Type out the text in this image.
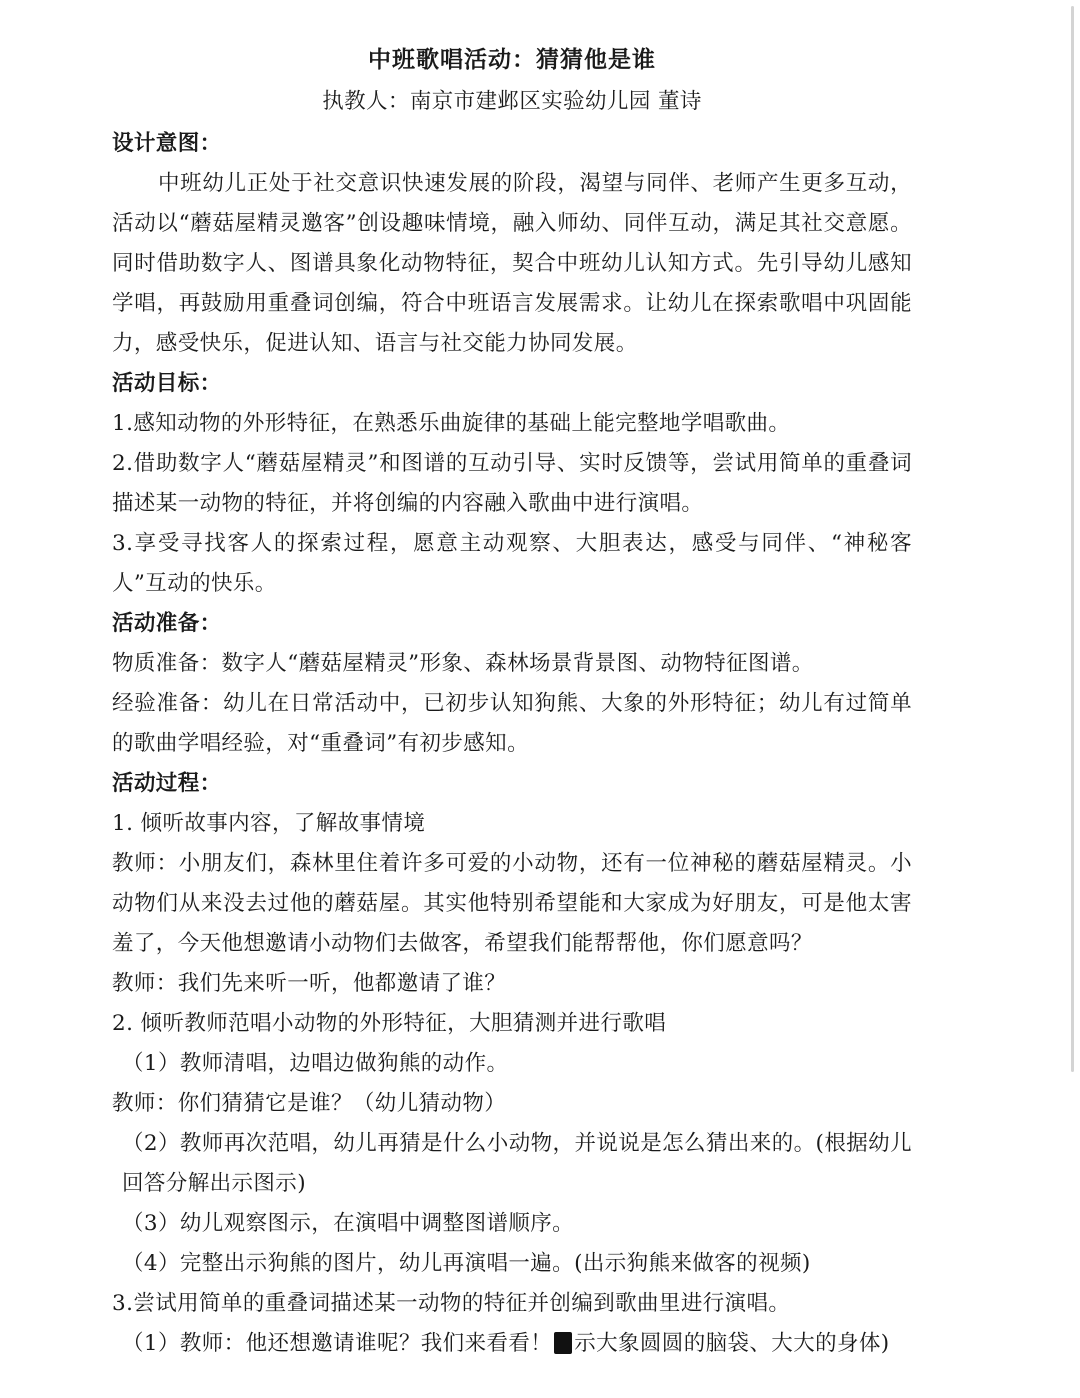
中班歌唱活动：猜猜他是谁
执教人：南京市建邺区实验幼儿园 董诗
设计意图：

中班幼儿正处于社交意识快速发展的阶段，渴望与同伴、老师产生更多互动，活动以“蘑菇屋精灵邀客”创设趣味情境，融入师幼、同伴互动，满足其社交意愿。同时借助数字人、图谱具象化动物特征，契合中班幼儿认知方式。先引导幼儿感知学唱，再鼓励用重叠词创编，符合中班语言发展需求。让幼儿在探索歌唱中巩固能力，感受快乐，促进认知、语言与社交能力协同发展。

活动目标：

1.感知动物的外形特征，在熟悉乐曲旋律的基础上能完整地学唱歌曲。

2.借助数字人“蘑菇屋精灵”和图谱的互动引导、实时反馈等，尝试用简单的重叠词描述某一动物的特征，并将创编的内容融入歌曲中进行演唱。

3.享受寻找客人的探索过程，愿意主动观察、大胆表达，感受与同伴、“神秘客人”互动的快乐。

活动准备：

物质准备：数字人“蘑菇屋精灵”形象、森林场景背景图、动物特征图谱。

经验准备：幼儿在日常活动中，已初步认知狗熊、大象的外形特征；幼儿有过简单的歌曲学唱经验，对“重叠词”有初步感知。

活动过程：

1. 倾听故事内容，了解故事情境

教师：小朋友们，森林里住着许多可爱的小动物，还有一位神秘的蘑菇屋精灵。小动物们从来没去过他的蘑菇屋。其实他特别希望能和大家成为好朋友，可是他太害羞了，今天他想邀请小动物们去做客，希望我们能帮帮他，你们愿意吗？

教师：我们先来听一听，他都邀请了谁？

2. 倾听教师范唱小动物的外形特征，大胆猜测并进行歌唱

（1）教师清唱，边唱边做狗熊的动作。

教师：你们猜猜它是谁？（幼儿猜动物）

（2）教师再次范唱，幼儿再猜是什么小动物，并说说是怎么猜出来的。(根据幼儿回答分解出示图示)

（3）幼儿观察图示，在演唱中调整图谱顺序。

（4）完整出示狗熊的图片，幼儿再演唱一遍。(出示狗熊来做客的视频)

3.尝试用简单的重叠词描述某一动物的特征并创编到歌曲里进行演唱。

（1）教师：他还想邀请谁呢？我们来看看！ 示大象圆圆的脑袋、大大的身体)
